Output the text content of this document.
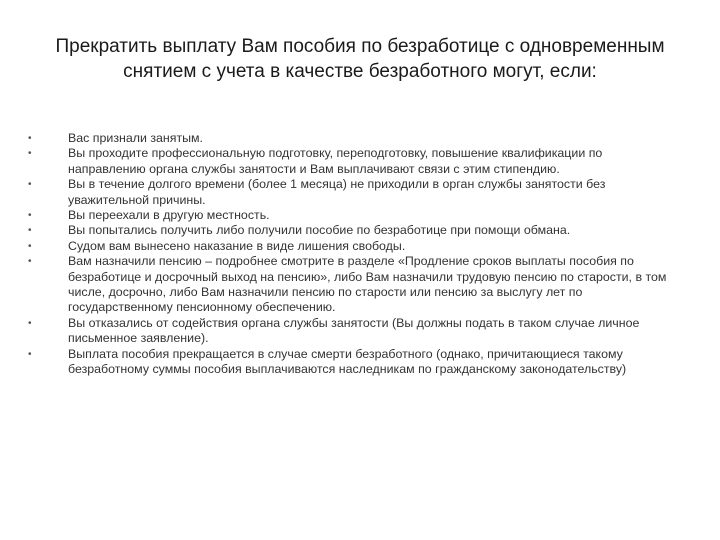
Прекратить выплату Вам пособия по безработице с одновременным снятием с учета в качестве безработного могут, если:
•	Вас признали занятым.
•	Вы проходите профессиональную подготовку, переподготовку, повышение квалификации по направлению органа службы занятости и Вам выплачивают связи с этим стипендию.
•	Вы в течение долгого времени (более 1 месяца) не приходили в орган службы занятости без уважительной причины.
•	Вы переехали в другую местность.
•	Вы попытались получить либо получили пособие по безработице при помощи обмана.
•	Судом вам вынесено наказание в виде лишения свободы.
•	Вам назначили пенсию – подробнее смотрите в разделе «Продление сроков выплаты пособия по безработице и досрочный выход на пенсию», либо Вам назначили трудовую пенсию по старости, в том числе, досрочно, либо Вам назначили пенсию по старости или пенсию за выслугу лет по государственному пенсионному обеспечению.
•	Вы отказались от содействия органа службы занятости (Вы должны подать в таком случае личное письменное заявление).
•	Выплата пособия прекращается в случае смерти безработного (однако, причитающиеся такому безработному суммы пособия выплачиваются наследникам по гражданскому законодательству)
